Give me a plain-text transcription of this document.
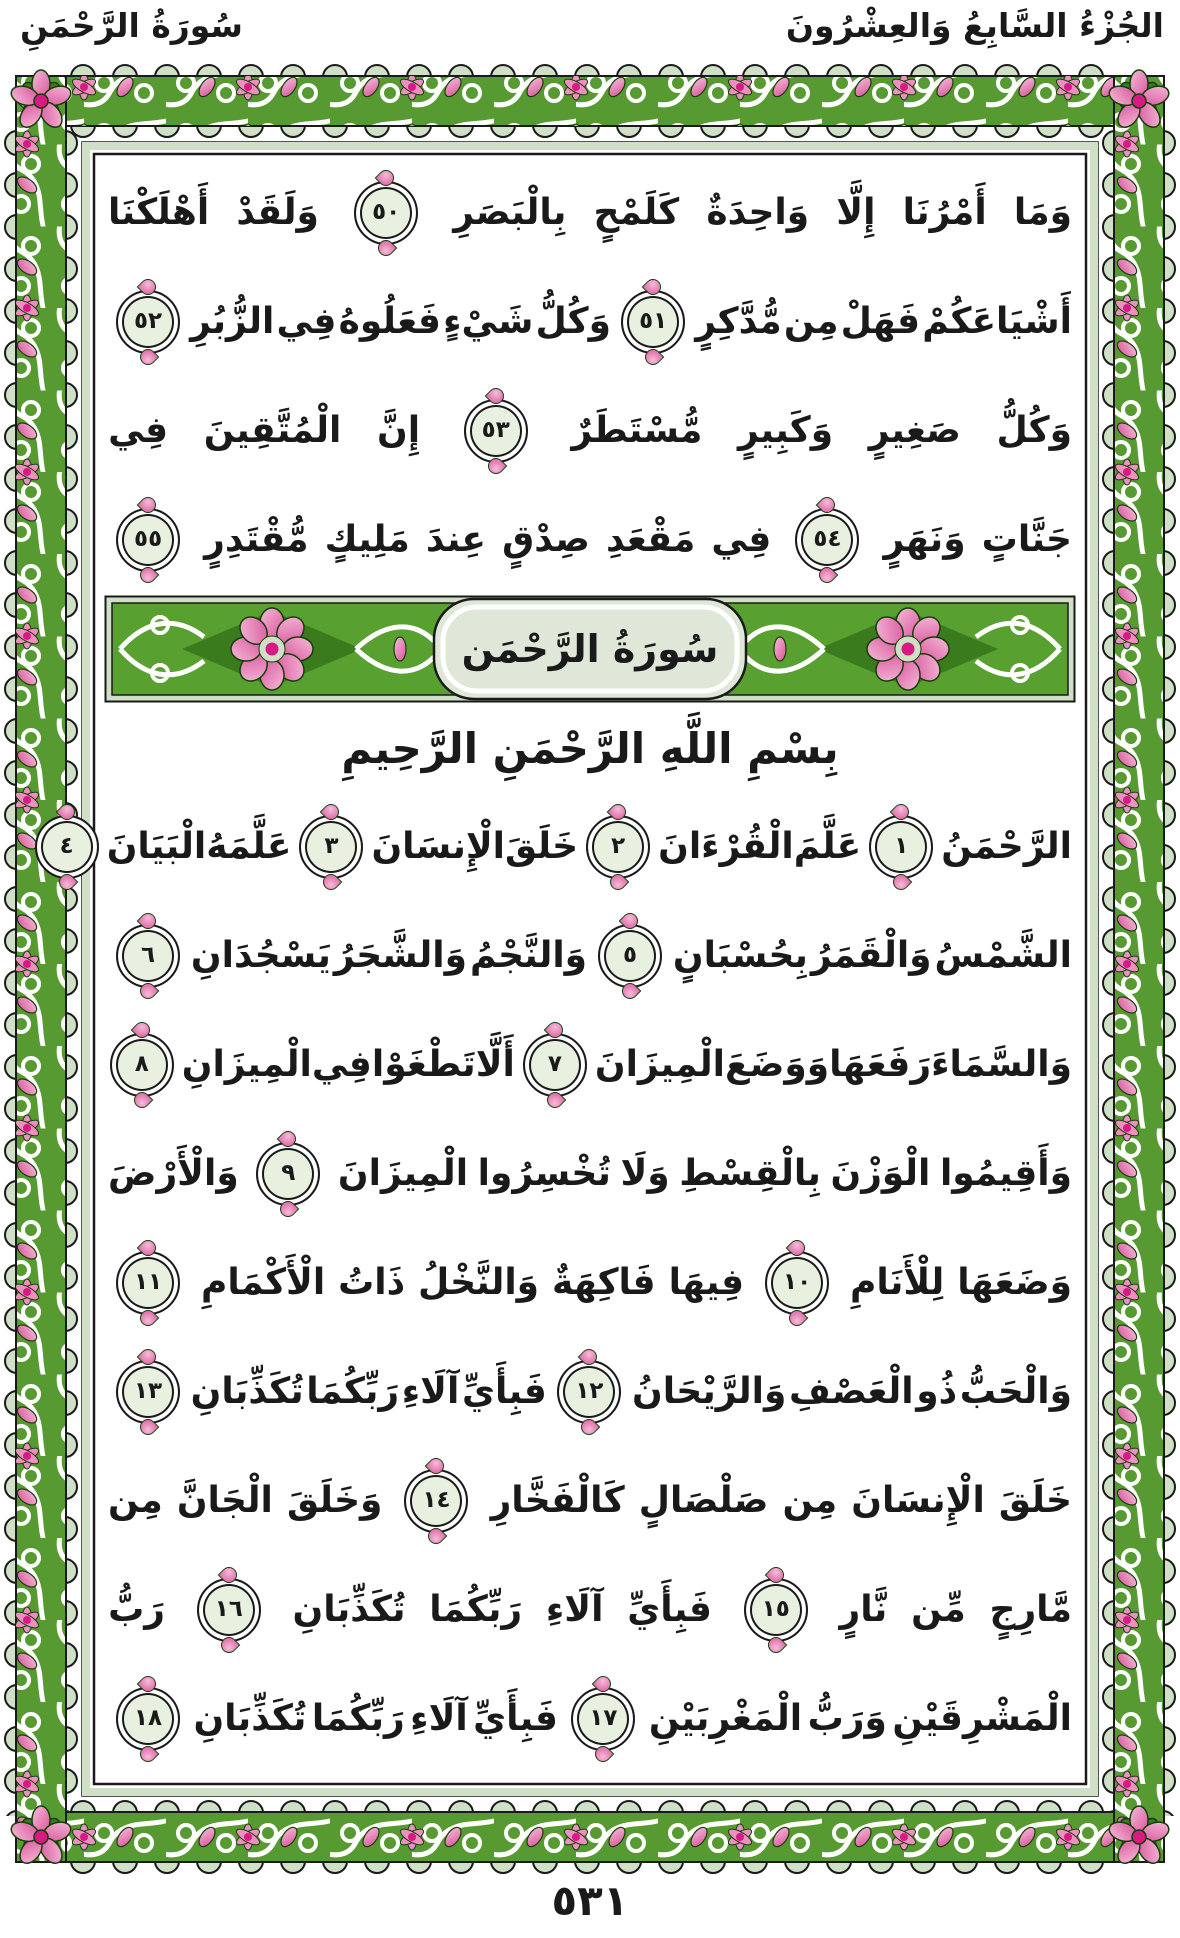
الجُزْءُ السَّابِعُ وَالعِشْرُونَ
سُورَةُ الرَّحْمَنِ
وَمَا
أَمْرُنَا
إِلَّا
وَاحِدَةٌ
كَلَمْحٍ
بِالْبَصَرِ
٥٠
وَلَقَدْ
أَهْلَكْنَا
أَشْيَاعَكُمْ
فَهَلْ
مِن
مُّدَّكِرٍ
٥١
وَكُلُّ
شَيْءٍ
فَعَلُوهُ
فِي
الزُّبُرِ
٥٢
وَكُلُّ
صَغِيرٍ
وَكَبِيرٍ
مُّسْتَطَرٌ
٥٣
إِنَّ
الْمُتَّقِينَ
فِي
جَنَّاتٍ
وَنَهَرٍ
٥٤
فِي
مَقْعَدِ
صِدْقٍ
عِندَ
مَلِيكٍ
مُّقْتَدِرٍ
٥٥
سُورَةُ الرَّحْمَن
بِسْمِ اللَّهِ الرَّحْمَنِ الرَّحِيمِ
الرَّحْمَنُ
١
عَلَّمَ
الْقُرْءَانَ
٢
خَلَقَ
الْإِنسَانَ
٣
عَلَّمَهُ
الْبَيَانَ
٤
الشَّمْسُ
وَالْقَمَرُ
بِحُسْبَانٍ
٥
وَالنَّجْمُ
وَالشَّجَرُ
يَسْجُدَانِ
٦
وَالسَّمَاءَ
رَفَعَهَا
وَوَضَعَ
الْمِيزَانَ
٧
أَلَّا
تَطْغَوْا
فِي
الْمِيزَانِ
٨
وَأَقِيمُوا
الْوَزْنَ
بِالْقِسْطِ
وَلَا
تُخْسِرُوا
الْمِيزَانَ
٩
وَالْأَرْضَ
وَضَعَهَا
لِلْأَنَامِ
١٠
فِيهَا
فَاكِهَةٌ
وَالنَّخْلُ
ذَاتُ
الْأَكْمَامِ
١١
وَالْحَبُّ
ذُو
الْعَصْفِ
وَالرَّيْحَانُ
١٢
فَبِأَيِّ
آلَاءِ
رَبِّكُمَا
تُكَذِّبَانِ
١٣
خَلَقَ
الْإِنسَانَ
مِن
صَلْصَالٍ
كَالْفَخَّارِ
١٤
وَخَلَقَ
الْجَانَّ
مِن
مَّارِجٍ
مِّن
نَّارٍ
١٥
فَبِأَيِّ
آلَاءِ
رَبِّكُمَا
تُكَذِّبَانِ
١٦
رَبُّ
الْمَشْرِقَيْنِ
وَرَبُّ
الْمَغْرِبَيْنِ
١٧
فَبِأَيِّ
آلَاءِ
رَبِّكُمَا
تُكَذِّبَانِ
١٨
٥٣١
